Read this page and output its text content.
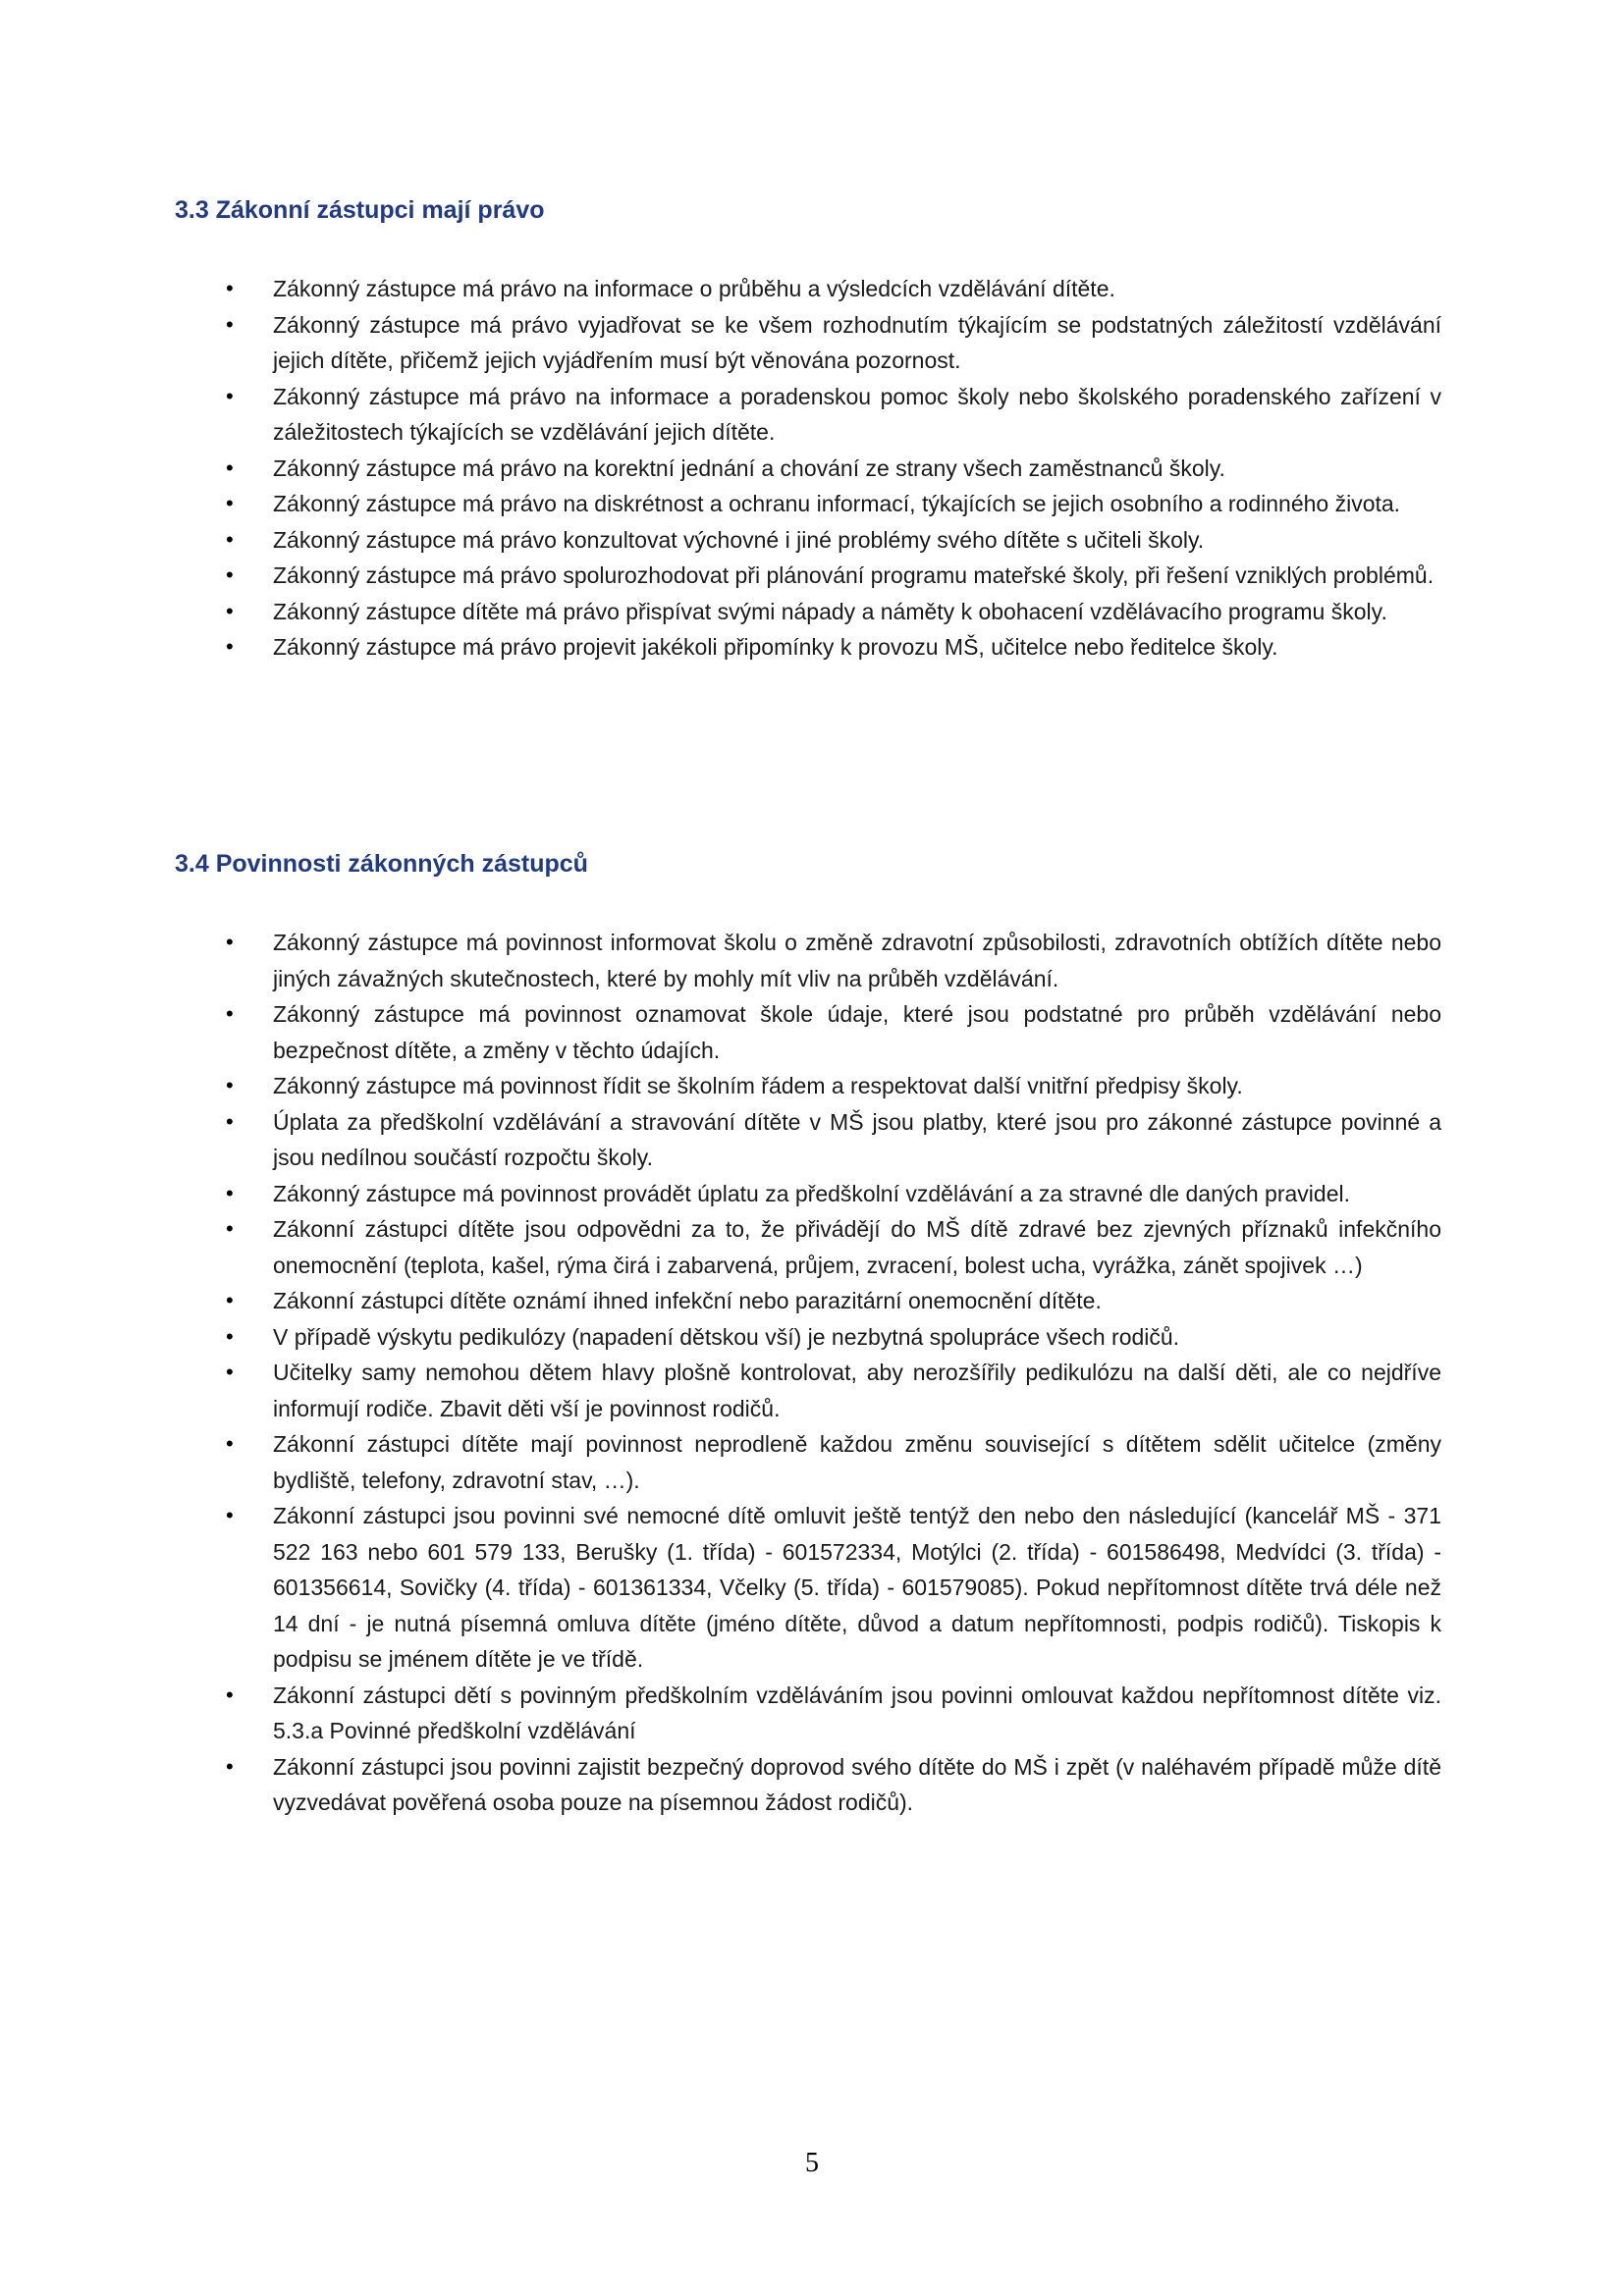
3.3 Zákonní zástupci mají právo
•	Zákonný zástupce má právo na informace o průběhu a výsledcích vzdělávání dítěte.
•	Zákonný zástupce má právo vyjadřovat se ke všem rozhodnutím týkajícím se podstatných záležitostí vzdělávání jejich dítěte, přičemž jejich vyjádřením musí být věnována pozornost.
•	Zákonný zástupce má právo na informace a poradenskou pomoc školy nebo školského poradenského zařízení v záležitostech týkajících se vzdělávání jejich dítěte.
•	Zákonný zástupce má právo na korektní jednání a chování ze strany všech zaměstnanců školy.
•	Zákonný zástupce má právo na diskrétnost a ochranu informací, týkajících se jejich osobního a rodinného života.
•	Zákonný zástupce má právo konzultovat výchovné i jiné problémy svého dítěte s učiteli školy.
•	Zákonný zástupce má právo spolurozhodovat při plánování programu mateřské školy, při řešení vzniklých problémů.
•	Zákonný zástupce dítěte má právo přispívat svými nápady a náměty k obohacení vzdělávacího programu školy.
•	Zákonný zástupce má právo projevit jakékoli připomínky k provozu MŠ, učitelce nebo ředitelce školy.
3.4 Povinnosti zákonných zástupců
•	Zákonný zástupce má povinnost informovat školu o změně zdravotní způsobilosti, zdravotních obtížích dítěte nebo jiných závažných skutečnostech, které by mohly mít vliv na průběh vzdělávání.
•	Zákonný zástupce má povinnost oznamovat škole údaje, které jsou podstatné pro průběh vzdělávání nebo bezpečnost dítěte, a změny v těchto údajích.
•	Zákonný zástupce má povinnost řídit se školním řádem a respektovat další vnitřní předpisy školy.
•	Úplata za předškolní vzdělávání a stravování dítěte v MŠ jsou platby, které jsou pro zákonné zástupce povinné a jsou nedílnou součástí rozpočtu školy.
•	Zákonný zástupce má povinnost provádět úplatu za předškolní vzdělávání a za stravné dle daných pravidel.
•	Zákonní zástupci dítěte jsou odpovědni za to, že přivádějí do MŠ dítě zdravé bez zjevných příznaků infekčního onemocnění (teplota, kašel, rýma čirá i zabarvená, průjem, zvracení, bolest ucha, vyrážka, zánět spojivek …)
•	Zákonní zástupci dítěte oznámí ihned infekční nebo parazitární onemocnění dítěte.
•	V případě výskytu pedikulózy (napadení dětskou vší) je nezbytná spolupráce všech rodičů.
•	Učitelky samy nemohou dětem hlavy plošně kontrolovat, aby nerozšířily pedikulózu na další děti, ale co nejdříve informují rodiče. Zbavit děti vší je povinnost rodičů.
•	Zákonní zástupci dítěte mají povinnost neprodleně každou změnu související s dítětem sdělit učitelce (změny bydliště, telefony, zdravotní stav, …).
•	Zákonní zástupci jsou povinni své nemocné dítě omluvit ještě tentýž den nebo den následující (kancelář MŠ - 371 522 163 nebo 601 579 133, Berušky (1. třída) - 601572334, Motýlci (2. třída) - 601586498, Medvídci (3. třída) - 601356614, Sovičky (4. třída) - 601361334, Včelky (5. třída) - 601579085). Pokud nepřítomnost dítěte trvá déle než 14 dní - je nutná písemná omluva dítěte (jméno dítěte, důvod a datum nepřítomnosti, podpis rodičů). Tiskopis k podpisu se jménem dítěte je ve třídě.
•	Zákonní zástupci dětí s povinným předškolním vzděláváním jsou povinni omlouvat každou nepřítomnost dítěte viz. 5.3.a Povinné předškolní vzdělávání
•	Zákonní zástupci jsou povinni zajistit bezpečný doprovod svého dítěte do MŠ i zpět (v naléhavém případě může dítě vyzvedávat pověřená osoba pouze na písemnou žádost rodičů).
5
